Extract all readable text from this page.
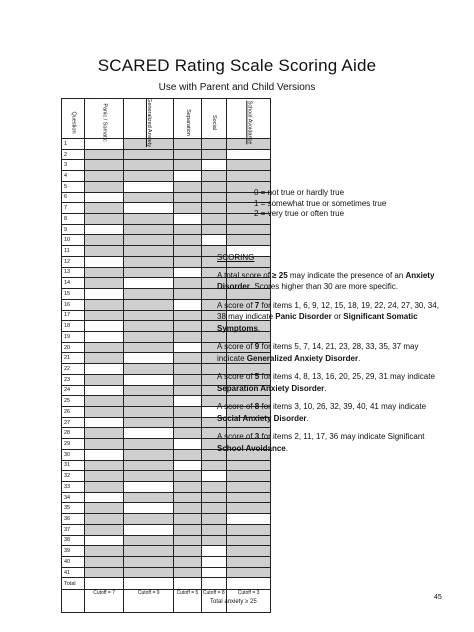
SCARED Rating Scale Scoring Aide
Use with Parent and Child Versions
Question	Panic / Somatic	Generalized Anxiety	Separation	Social	School Avoidance
1					
2					
3					
4					
5					
6					
7					
8					
9					
10					
11					
12					
13					
14					
15					
16					
17					
18					
19					
20					
21					
22					
23					
24					
25					
26					
27					
28					
29					
30					
31					
32					
33					
34					
35					
36					
37					
38					
39					
40					
41					
Total					
	Cutoff = 7	Cutoff = 9	Cutoff = 5	Cutoff = 8	Cutoff = 3
0 = not true or hardly true
1 = somewhat true or sometimes true
2 = very true or often true
SCORING

A total score of ≥ 25 may indicate the presence of an Anxiety Disorder. Scores higher than 30 are more specific.

A score of 7 for items 1, 6, 9, 12, 15, 18, 19, 22, 24, 27, 30, 34, 38 may indicate Panic Disorder or Significant Somatic Symptoms.

A score of 9 for items 5, 7, 14, 21, 23, 28, 33, 35, 37 may indicate Generalized Anxiety Disorder.

A score of 5 for items 4, 8, 13, 16, 20, 25, 29, 31 may indicate Separation Anxiety Disorder.

A score of 8 for items 3, 10, 26, 32, 39, 40, 41 may indicate Social Anxiety Disorder.

A score of 3 for items 2, 11, 17, 36 may indicate Significant School Avoidance.

Total anxiety ≥ 25
45
